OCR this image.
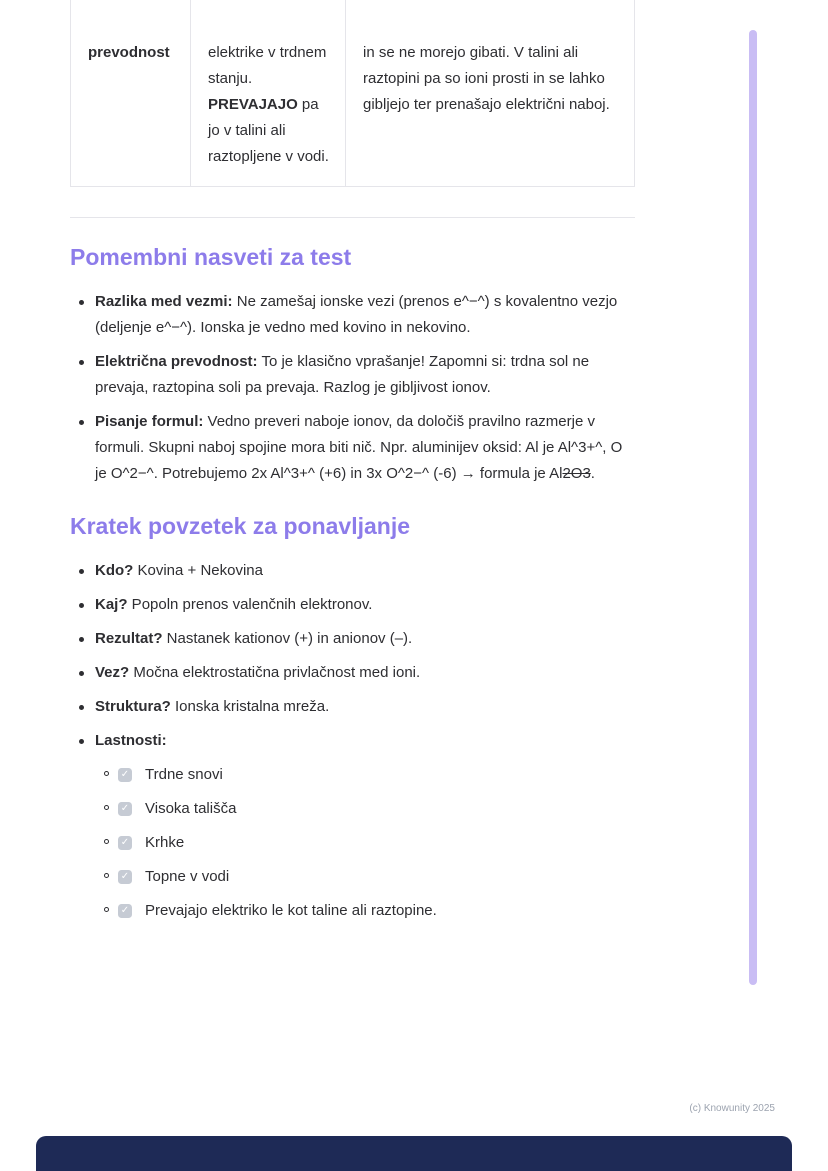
prevodnost	elektrike v trdnem stanju. PREVAJAJO pa jo v talini ali raztopljene v vodi.	in se ne morejo gibati. V talini ali raztopini pa so ioni prosti in se lahko gibljejo ter prenašajo električni naboj.
Pomembni nasveti za test
Razlika med vezmi: Ne zamešaj ionske vezi (prenos e^−^) s kovalentno vezjo (deljenje e^−^). Ionska je vedno med kovino in nekovino.
Električna prevodnost: To je klasično vprašanje! Zapomni si: trdna sol ne prevaja, raztopina soli pa prevaja. Razlog je gibljivost ionov.
Pisanje formul: Vedno preveri naboje ionov, da določiš pravilno razmerje v formuli. Skupni naboj spojine mora biti nič. Npr. aluminijev oksid: Al je Al^3+^, O je O^2−^. Potrebujemo 2x Al^3+^ (+6) in 3x O^2−^ (-6) → formula je Al2O3.
Kratek povzetek za ponavljanje
Kdo? Kovina + Nekovina
Kaj? Popoln prenos valenčnih elektronov.
Rezultat? Nastanek kationov (+) in anionov (–).
Vez? Močna elektrostatična privlačnost med ioni.
Struktura? Ionska kristalna mreža.
Lastnosti:
✓ Trdne snovi
✓ Visoka tališča
✓ Krhke
✓ Topne v vodi
✓ Prevajajo elektriko le kot taline ali raztopine.
(c) Knowunity 2025
